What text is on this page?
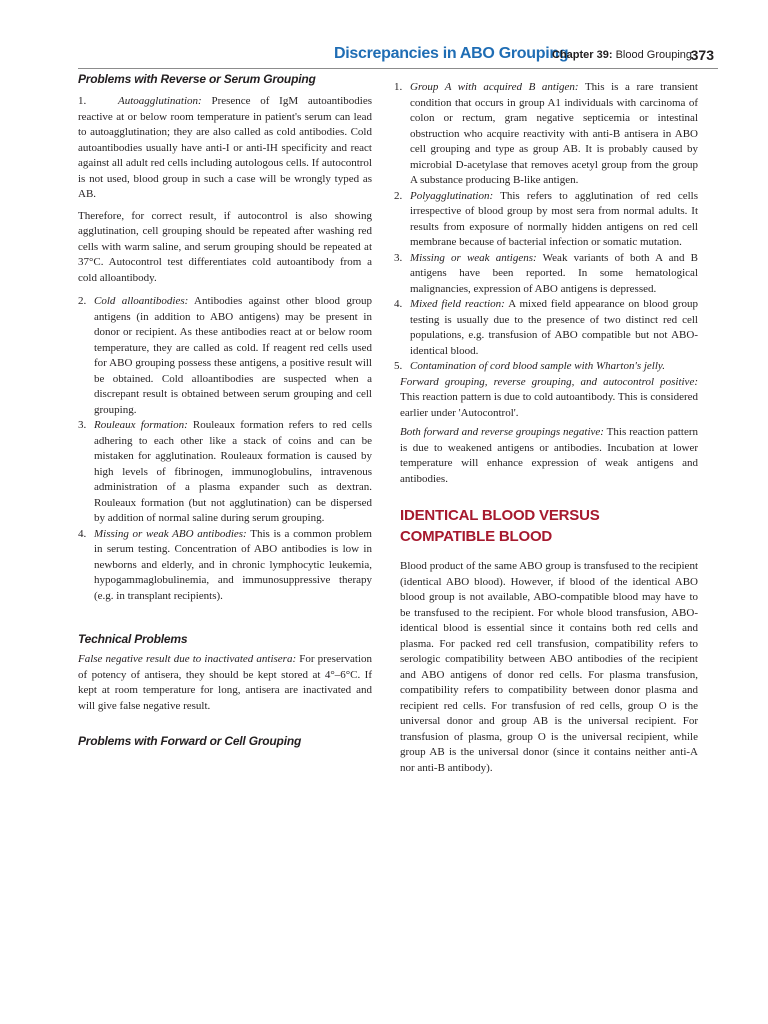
Discrepancies in ABO Grouping
Chapter 39: Blood Grouping
373
Problems with Reverse or Serum Grouping

1.	Autoagglutination: Presence of IgM autoantibodies reactive at or below room temperature in patient's serum can lead to autoagglutination; they are also called as cold antibodies. Cold autoantibodies usually have anti-I or anti-IH specificity and react against all adult red cells including autologous cells. If autocontrol is not used, blood group in such a case will be wrongly typed as AB.

Therefore, for correct result, if autocontrol is also showing agglutination, cell grouping should be repeated after washing red cells with warm saline, and serum grouping should be repeated at 37°C. Autocontrol test differentiates cold autoantibody from a cold alloantibody.

2. Cold alloantibodies: Antibodies against other blood group antigens (in addition to ABO antigens) may be present in donor or recipient. As these antibodies react at or below room temperature, they are called as cold. If reagent red cells used for ABO grouping possess these antigens, a positive result will be obtained. Cold alloantibodies are suspected when a discrepant result is obtained between serum grouping and cell grouping.
3. Rouleaux formation: Rouleaux formation refers to red cells adhering to each other like a stack of coins and can be mistaken for agglutination. Rouleaux formation is caused by high levels of fibrinogen, immunoglobulins, intravenous administration of a plasma expander such as dextran. Rouleaux formation (but not agglutination) can be dispersed by addition of normal saline during serum grouping.
4. Missing or weak ABO antibodies: This is a common problem in serum testing. Concentration of ABO antibodies is low in newborns and elderly, and in chronic lymphocytic leukemia, hypogammaglobulinemia, and immunosuppressive therapy (e.g. in transplant recipients).
Technical Problems

False negative result due to inactivated antisera: For preservation of potency of antisera, they should be kept stored at 4°–6°C. If kept at room temperature for long, antisera are inactivated and will give false negative result.

Problems with Forward or Cell Grouping
1. Group A with acquired B antigen: This is a rare transient condition that occurs in group A1 individuals with carcinoma of colon or rectum, gram negative septicemia or intestinal obstruction who acquire reactivity with anti-B antisera in ABO cell grouping and type as group AB. It is probably caused by microbial D-acetylase that removes acetyl group from the group A substance producing B-like antigen.
2. Polyagglutination: This refers to agglutination of red cells irrespective of blood group by most sera from normal adults. It results from exposure of normally hidden antigens on red cell membrane because of bacterial infection or somatic mutation.
3. Missing or weak antigens: Weak variants of both A and B antigens have been reported. In some hematological malignancies, expression of ABO antigens is depressed.
4. Mixed field reaction: A mixed field appearance on blood group testing is usually due to the presence of two distinct red cell populations, e.g. transfusion of ABO compatible but not ABO-identical blood.
5. Contamination of cord blood sample with Wharton's jelly.

Forward grouping, reverse grouping, and autocontrol positive: This reaction pattern is due to cold autoantibody. This is considered earlier under 'Autocontrol'.

Both forward and reverse groupings negative: This reaction pattern is due to weakened antigens or antibodies. Incubation at lower temperature will enhance expression of weak antigens and antibodies.

IDENTICAL BLOOD VERSUS
COMPATIBLE BLOOD

Blood product of the same ABO group is transfused to the recipient (identical ABO blood). However, if blood of the identical ABO blood group is not available, ABO-compatible blood may have to be transfused to the recipient. For whole blood transfusion, ABO-identical blood is essential since it contains both red cells and plasma. For packed red cell transfusion, compatibility refers to serologic compatibility between ABO antibodies of the recipient and ABO antigens of donor red cells. For plasma transfusion, compatibility refers to compatibility between donor plasma and recipient red cells. For transfusion of red cells, group O is the universal donor and group AB is the universal recipient. For transfusion of plasma, group O is the universal recipient, while group AB is the universal donor (since it contains neither anti-A nor anti-B antibody).
